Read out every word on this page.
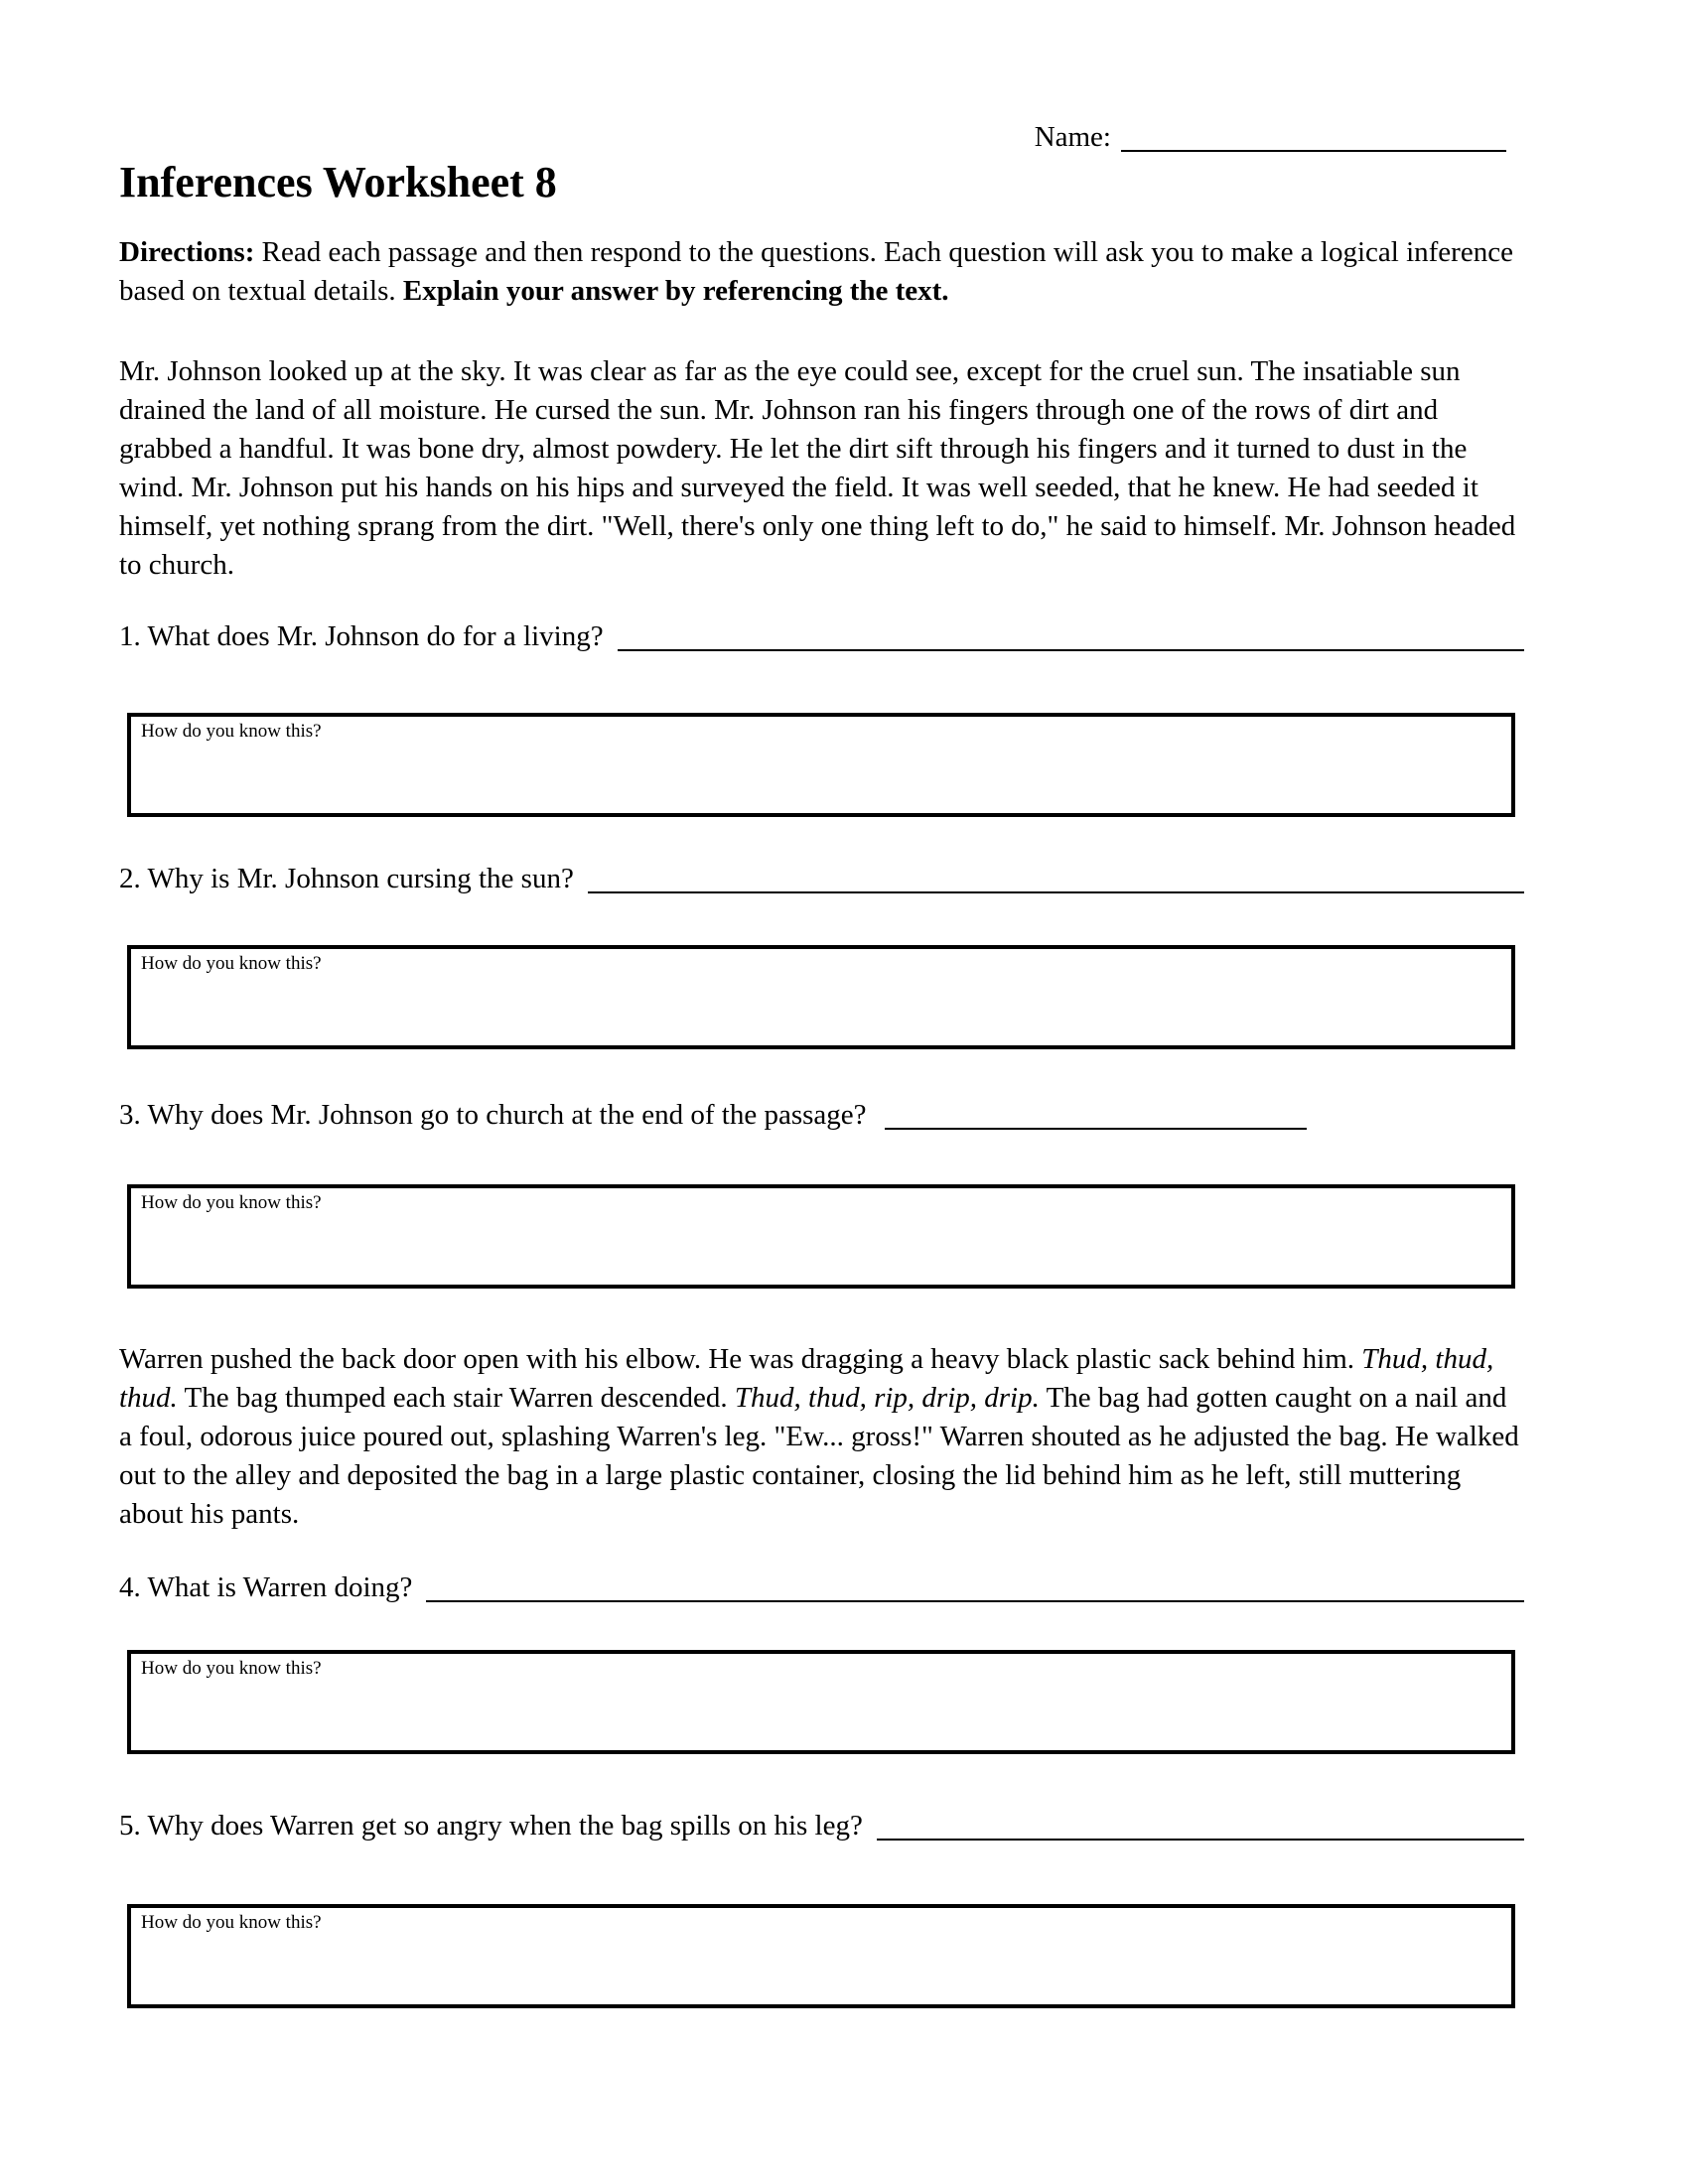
Name:
Inferences Worksheet 8
Directions: Read each passage and then respond to the questions. Each question will ask you to make a logical inference based on textual details. Explain your answer by referencing the text.
Mr. Johnson looked up at the sky. It was clear as far as the eye could see, except for the cruel sun. The insatiable sun drained the land of all moisture. He cursed the sun. Mr. Johnson ran his fingers through one of the rows of dirt and grabbed a handful. It was bone dry, almost powdery. He let the dirt sift through his fingers and it turned to dust in the wind. Mr. Johnson put his hands on his hips and surveyed the field. It was well seeded, that he knew. He had seeded it himself, yet nothing sprang from the dirt. "Well, there's only one thing left to do," he said to himself. Mr. Johnson headed to church.
1. What does Mr. Johnson do for a living?
How do you know this?
2. Why is Mr. Johnson cursing the sun?
How do you know this?
3. Why does Mr. Johnson go to church at the end of the passage?
How do you know this?
Warren pushed the back door open with his elbow. He was dragging a heavy black plastic sack behind him. Thud, thud, thud. The bag thumped each stair Warren descended. Thud, thud, rip, drip, drip. The bag had gotten caught on a nail and a foul, odorous juice poured out, splashing Warren's leg. "Ew... gross!" Warren shouted as he adjusted the bag. He walked out to the alley and deposited the bag in a large plastic container, closing the lid behind him as he left, still muttering about his pants.
4. What is Warren doing?
How do you know this?
5. Why does Warren get so angry when the bag spills on his leg?
How do you know this?
